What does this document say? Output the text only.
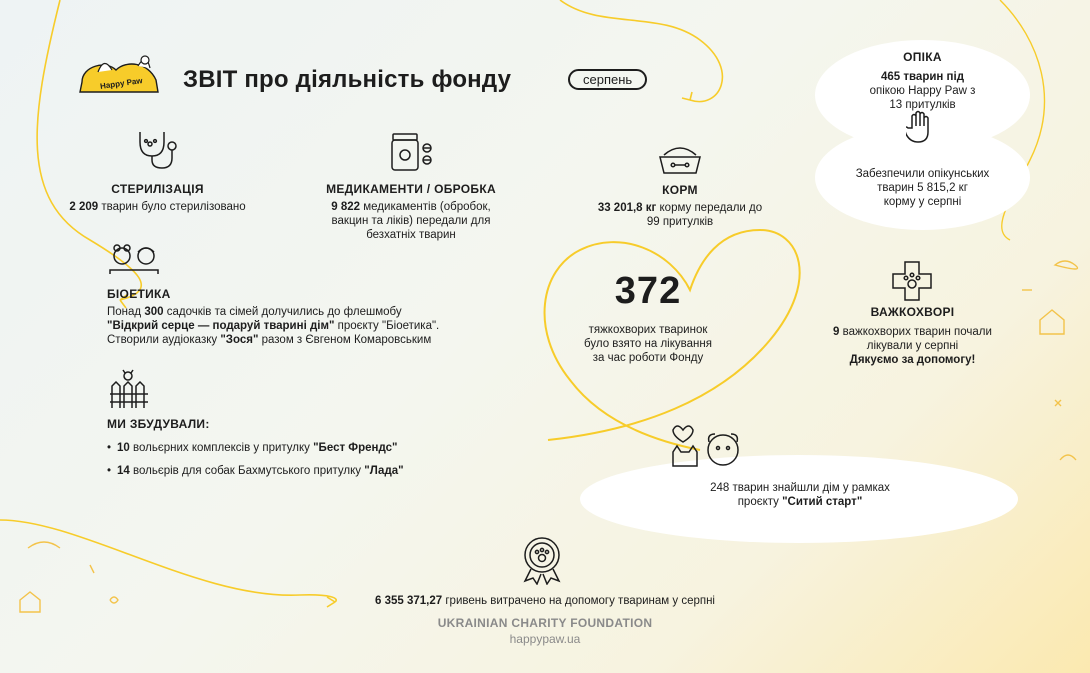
Happy Paw ЗВІТ про діяльність фонду	серпень
ОПІКА
465 тварин під
опікою Happy Paw з
13 притулків
Забезпечили опікунських
тварин 5 815,2 кг
корму у серпні
СТЕРИЛІЗАЦІЯ
2 209 тварин було стерилізовано
МЕДИКАМЕНТИ / ОБРОБКА
9 822 медикаментів (обробок,
вакцин та ліків) передали для
безхатніх тварин
КОРМ
33 201,8 кг корму передали до
99 притулків
БІОЕТИКА
Понад 300 садочків та сімей долучились до флешмобу
"Відкрий серце — подаруй тварині дім" проєкту "Біоетика".
Створили аудіоказку "Зося" разом з Євгеном Комаровським
372
тяжкохворих тваринок
було взято на лікування
за час роботи Фонду
ВАЖКОХВОРІ
9 важкохворих тварин почали
лікували у серпні
Дякуємо за допомогу!
МИ ЗБУДУВАЛИ:
• 10 вольєрних комплексів у притулку "Бест Френдс"
• 14 вольєрів для собак Бахмутського притулку "Лада"
248 тварин знайшли дім у рамках
проєкту "Ситий старт"
6 355 371,27 гривень витрачено на допомогу тваринам у серпні
UKRAINIAN CHARITY FOUNDATION
happypaw.ua
